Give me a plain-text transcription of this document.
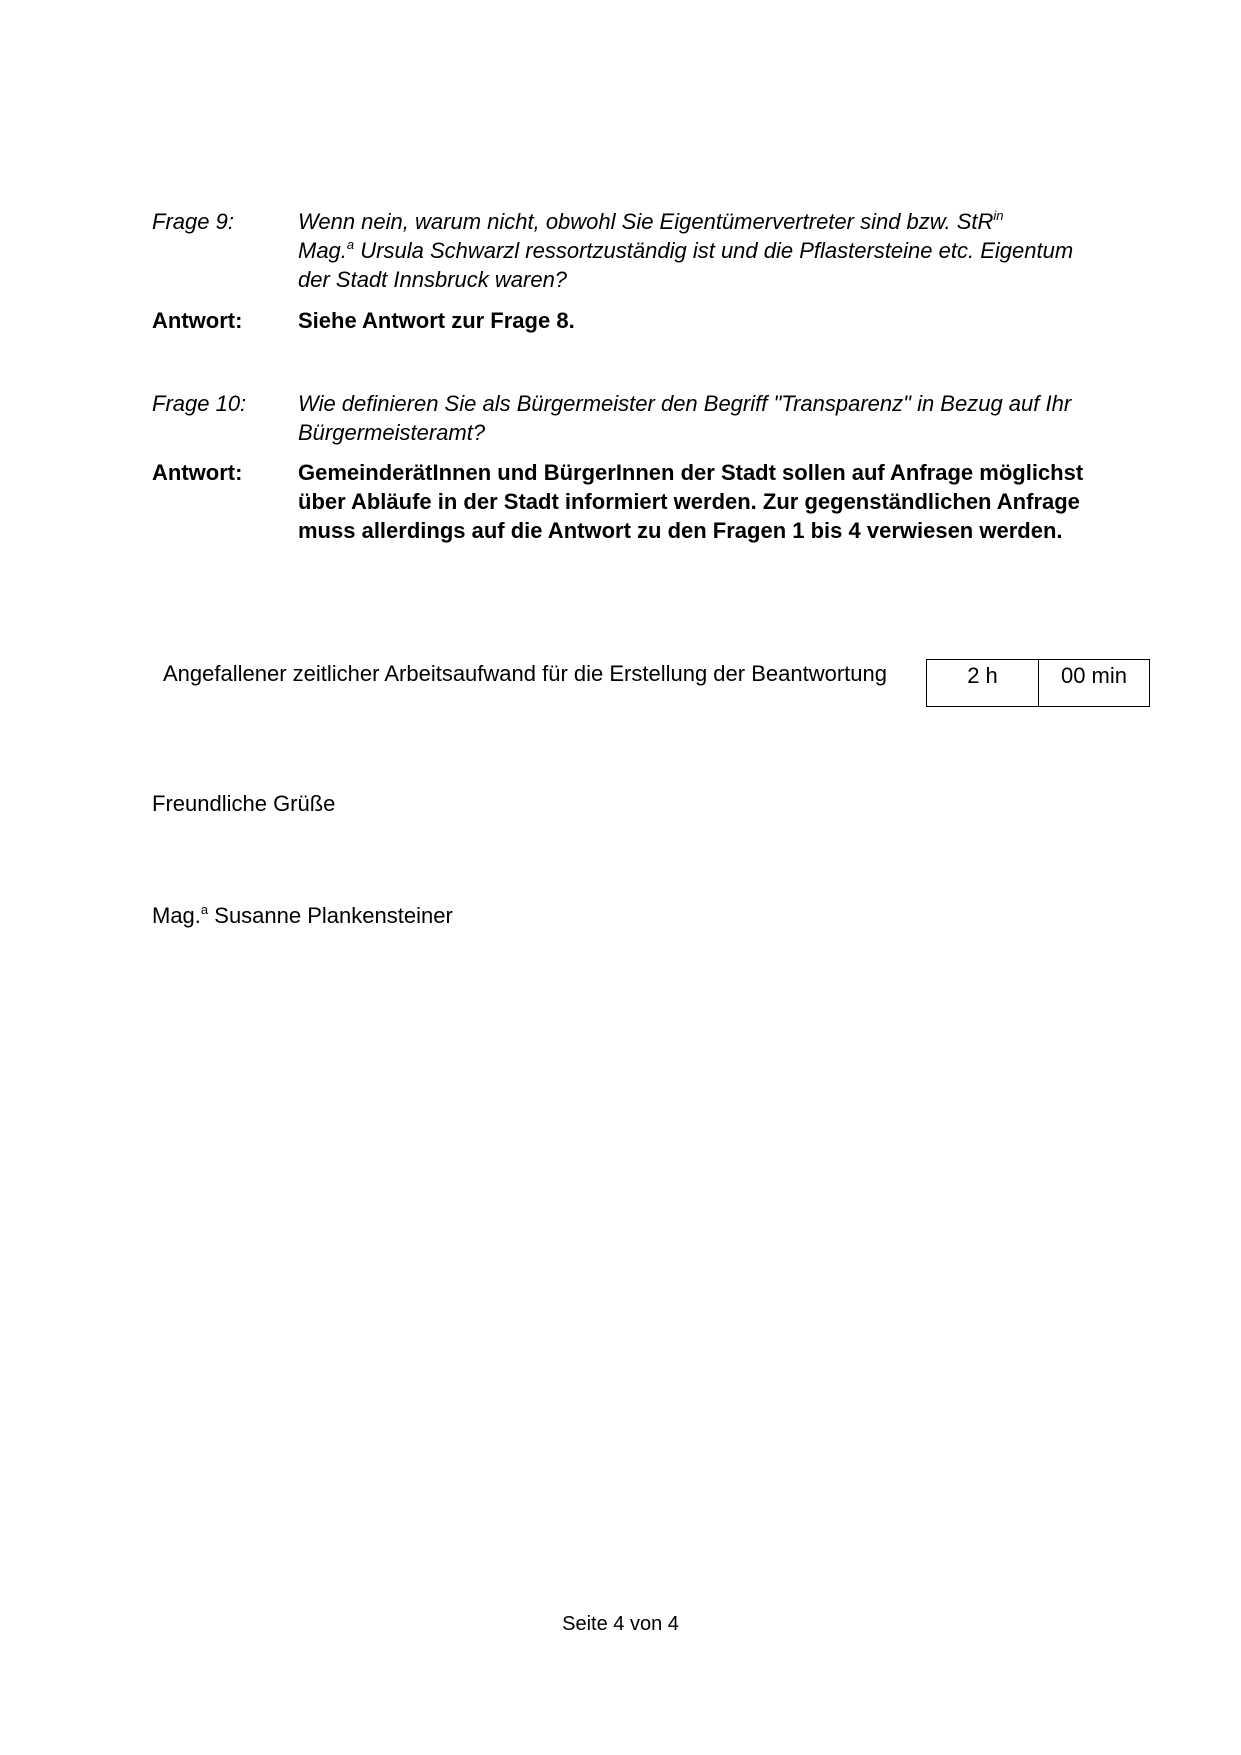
Frage 9:	Wenn nein, warum nicht, obwohl Sie Eigentümervertreter sind bzw. StR$^{in}$
Mag.$^a$ Ursula Schwarzl ressortzuständig ist und die Pflastersteine etc. Eigentum
der Stadt Innsbruck waren?
Antwort:	Siehe Antwort zur Frage 8.
Frage 10:	Wie definieren Sie als Bürgermeister den Begriff "Transparenz" in Bezug auf Ihr Bürgermeisteramt?
Antwort:	GemeinderätInnen und BürgerInnen der Stadt sollen auf Anfrage möglichst über Abläufe in der Stadt informiert werden. Zur gegenständlichen Anfrage muss allerdings auf die Antwort zu den Fragen 1 bis 4 verwiesen werden.
Angefallener zeitlicher Arbeitsaufwand für die Erstellung der Beantwortung	2 h	00 min
Freundliche Grüße
Mag.$^a$ Susanne Plankensteiner
Seite 4 von 4
